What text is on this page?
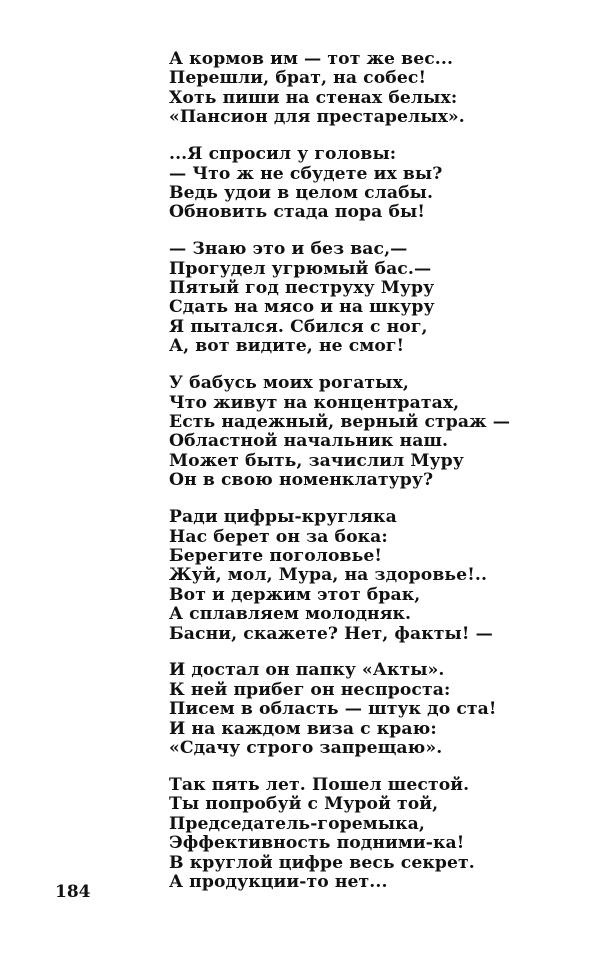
А кормов им — тот же вес...
Перешли, брат, на собес!
Хоть пиши на стенах белых:
«Пансион для престарелых».
...Я спросил у головы:
— Что ж не сбудете их вы?
Ведь удои в целом слабы.
Обновить стада пора бы!
— Знаю это и без вас,—
Прогудел угрюмый бас.—
Пятый год пеструху Муру
Сдать на мясо и на шкуру
Я пытался. Сбился с ног,
А, вот видите, не смог!
У бабусь моих рогатых,
Что живут на концентратах,
Есть надежный, верный страж —
Областной начальник наш.
Может быть, зачислил Муру
Он в свою номенклатуру?
Ради цифры-кругляка
Нас берет он за бока:
Берегите поголовье!
Жуй, мол, Мура, на здоровье!..
Вот и держим этот брак,
А сплавляем молодняк.
Басни, скажете? Нет, факты! —
И достал он папку «Акты».
К ней прибег он неспроста:
Писем в область — штук до ста!
И на каждом виза с краю:
«Сдачу строго запрещаю».
Так пять лет. Пошел шестой.
Ты попробуй с Мурой той,
Председатель-горемыка,
Эффективность подними-ка!
В круглой цифре весь секрет.
А продукции-то нет...
184
